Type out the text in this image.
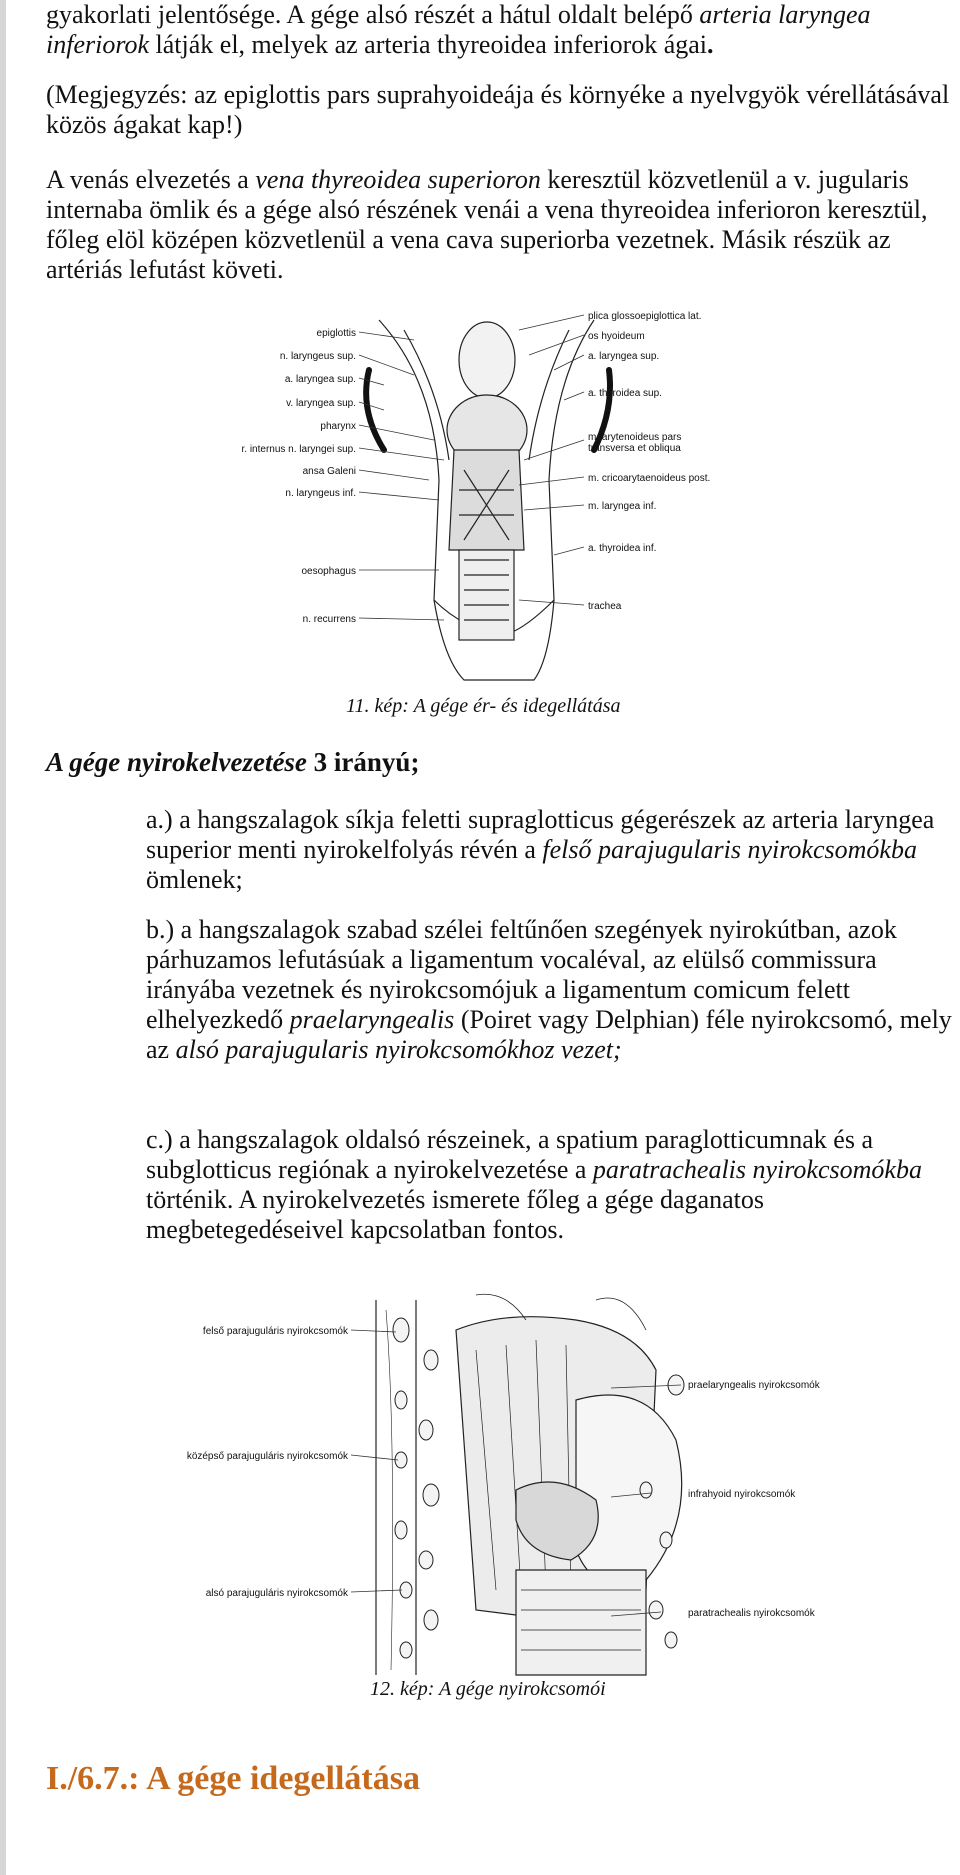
gyakorlati jelentősége. A gége alsó részét a hátul oldalt belépő arteria laryngea inferiorok látják el, melyek az arteria thyreoidea inferiorok ágai.

(Megjegyzés: az epiglottis pars suprahyoideája és környéke a nyelvgyök vérellátásával közös ágakat kap!)

A venás elvezetés a vena thyreoidea superioron keresztül közvetlenül a v. jugularis internaba ömlik és a gége alsó részének venái a vena thyreoidea inferioron keresztül, főleg elöl középen közvetlenül a vena cava superiorba vezetnek. Másik részük az artériás lefutást követi.

epiglottis
n. laryngeus sup.
a. laryngea sup.
v. laryngea sup.
pharynx
r. internus n. laryngei sup.
ansa Galeni
n. laryngeus inf.
oesophagus
n. recurrens
plica glossoepiglottica lat.
os hyoideum
a. laryngea sup.
a. thyroidea sup.
m. arytenoideus pars transversa et obliqua
m. cricoarytaenoideus post.
m. laryngea inf.
a. thyroidea inf.
trachea
11. kép: A gége ér- és idegellátása

A gége nyirokelvezetése 3 irányú;

a.) a hangszalagok síkja feletti supraglotticus gégerészek az arteria laryngea superior menti nyirokelfolyás révén a felső parajugularis nyirokcsomókba ömlenek;

b.) a hangszalagok szabad szélei feltűnően szegények nyirokútban, azok párhuzamos lefutásúak a ligamentum vocaléval, az elülső commissura irányába vezetnek és nyirokcsomójuk a ligamentum comicum felett elhelyezkedő praelaryngealis (Poiret vagy Delphian) féle nyirokcsomó, mely az alsó parajugularis nyirokcsomókhoz vezet;

c.) a hangszalagok oldalsó részeinek, a spatium paraglotticumnak és a subglotticus regiónak a nyirokelvezetése a paratrachealis nyirokcsomókba történik. A nyirokelvezetés ismerete főleg a gége daganatos megbetegedéseivel kapcsolatban fontos.

felső parajuguláris nyirokcsomók
középső parajuguláris nyirokcsomók
alsó parajuguláris nyirokcsomók
praelaryngealis nyirokcsomók
infrahyoid nyirokcsomók
paratrachealis nyirokcsomók
12. kép: A gége nyirokcsomói
I./6.7.: A gége idegellátása
